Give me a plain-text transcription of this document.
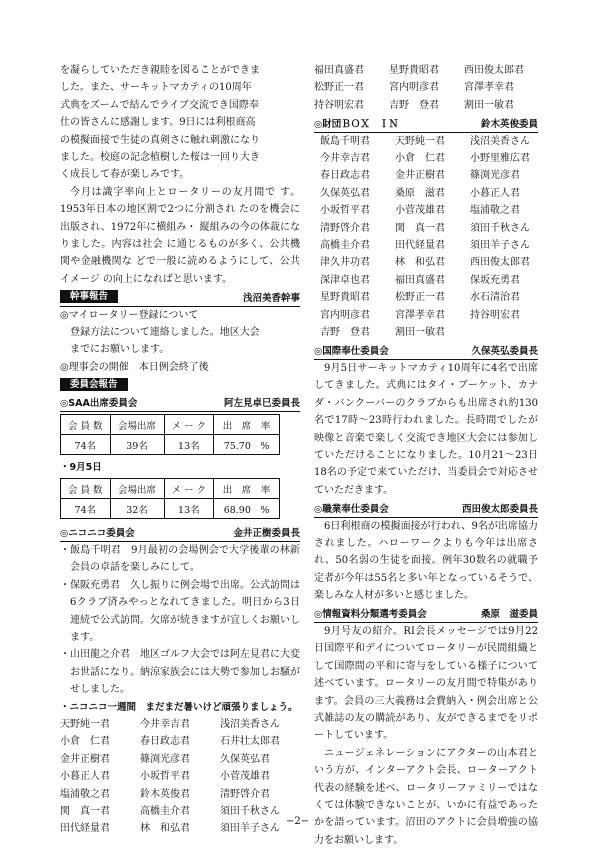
を凝らしていただき親睦を図ることができま

した。また、サーキットマカティの10周年

式典をズームで結んでライブ交流でき国際奉

仕の皆さんに感謝します。9日には利根商高

の模擬面接で生徒の真剣さに触れ刺激になり

ました。校庭の記念植樹した桜は一回り大き

く成長して春が楽しみです。

今月は識字率向上とロータリーの友月間で す。1953年日本の地区割で2つに分割され たのを機会に出版され、1972年に横組み・ 縦組みの今の体裁になりました。内容は社会 に通じるものが多く、公共機関や金融機関な どで一般に読めるようにして、公共イメージ の向上になればと思います。

幹事報告	浅沼美香幹事

◎マイロータリー登録について

登録方法について連絡しました。地区大会

までにお願いします。

◎理事会の開催　本日例会終了後

委員会報告
◎SAA出席委員会	阿左見卓巳委員長
会 員 数	会場出席	メ ー ク	出　席　率
74名	39名	13名	75.70　%

・9月5日

会 員 数	会場出席	メ ー ク	出　席　率
74名	32名	13名	68.90　%
◎ニコニコ委員会	金井正樹委員長

・飯島千明君　9月最初の会場例会で大学後輩の林新会員の卓話を楽しみにして。

・保阪充勇君　久し振りに例会場で出席。公式訪問は6クラブ済みやっとなれてきました。明日から3日連続で公式訪問。欠席が続きますが宜しくお願いします。

・山田龍之介君　地区ゴルフ大会では阿左見君に大変お世話になり。納涼家族会には大勢で参加しお騒がせしました。

・ニコニコ一週間　まだまだ暑いけど頑張りましょう。

天野純一君	今井幸吉君	浅沼美香さん
小倉　仁君	春日政志君	石井壮太郎君
金井正樹君	篠渕光彦君	久保英弘君
小暮正人君	小坂哲平君	小菅茂雄君
塩浦敬之君	鈴木英俊君	清野啓介君
関　真一君	高橋圭介君	須田千秋さん
田代経量君	林　和弘君	須田羊子さん
福田真盛君	星野貴昭君	西田俊太郎君
松野正一君	宮内明彦君	宮澤孝幸君
持谷明宏君	吉野　登君	割田一敏君
◎財団ＢＯＸ　ＩＮ	鈴木英俊委員
飯島千明君	天野純一君	浅沼美香さん
今井幸吉君	小倉　仁君	小野里雅広君
春日政志君	金井正樹君	篠渕光彦君
久保英弘君	桑原　滋君	小暮正人君
小坂哲平君	小菅茂雄君	塩浦敬之君
清野啓介君	関　真一君	須田千秋さん
高橋圭介君	田代経量君	須田羊子さん
津久井功君	林　和弘君	西田俊太郎君
深津卓也君	福田真盛君	保坂充勇君
星野貴昭君	松野正一君	水石清治君
宮内明彦君	宮澤孝幸君	持谷明宏君
吉野　登君	割田一敏君
◎国際奉仕委員会	久保英弘委員長

9月5日サーキットマカティ10周年に4名で出席してきました。式典にはタイ・ブーケット、カナダ・バンクーバーのクラブからも出席され約130名で17時〜23時行われました。長時間でしたが映像と音楽で楽しく交流でき地区大会には参加していただけることになりました。10月21〜23日18名の予定で来ていただけ、当委員会で対応させていただきます。

◎職業奉仕委員会	西田俊太郎委員長

6日利根商の模擬面接が行われ、9名が出席協力されました。ハローワークよりも今年は出席され、50名弱の生徒を面接。例年30数名の就職予定者が今年は55名と多い年となっているそうで、楽しみな人材が多いと感じました。

◎情報資料分類選考委員会	桑原　滋委員

9月号友の紹介。RI会長メッセージでは9月22日国際平和デイについてロータリーが民間組織として国際間の平和に寄与をしている様子について述べています。ロータリーの友月間で特集があります。会員の三大義務は会費納入・例会出席と公式雑誌の友の購読があり、友ができるまでをリポートしています。

ニュージェネレーションにアクターの山本君という方が、インターアクト会長、ローターアクト代表の経験を述べ、ロータリーファミリーではなくては体験できないことが、いかに有益であったかを語っています。沼田のアクトに会員増強の協力をお願いします。

−2−
